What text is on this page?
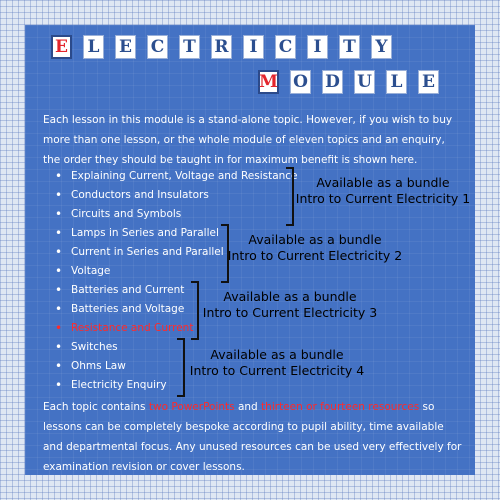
E L E C T R	I	C	I	T Y
M O D U L E

Each lesson in this module is a stand-alone topic. However, if you wish to buy more than one lesson, or the whole module of eleven topics and an enquiry, the order they should be taught in for maximum benefit is shown here.

• Explaining Current, Voltage and Resistance
• Conductors and Insulators
• Circuits and Symbols
• Lamps in Series and Parallel
• Current in Series and Parallel
• Voltage
• Batteries and Current
• Batteries and Voltage
• Resistance and Current
• Switches
• Ohms Law
• Electricity Enquiry
Available as a bundle
Intro to Current Electricity 1
Available as a bundle
Intro to Current Electricity 2
Available as a bundle
Intro to Current Electricity 3
Available as a bundle
Intro to Current Electricity 4

Each topic contains two PowerPoints and thirteen or fourteen resources so lessons can be completely bespoke according to pupil ability, time available and departmental focus. Any unused resources can be used very effectively for examination revision or cover lessons.
